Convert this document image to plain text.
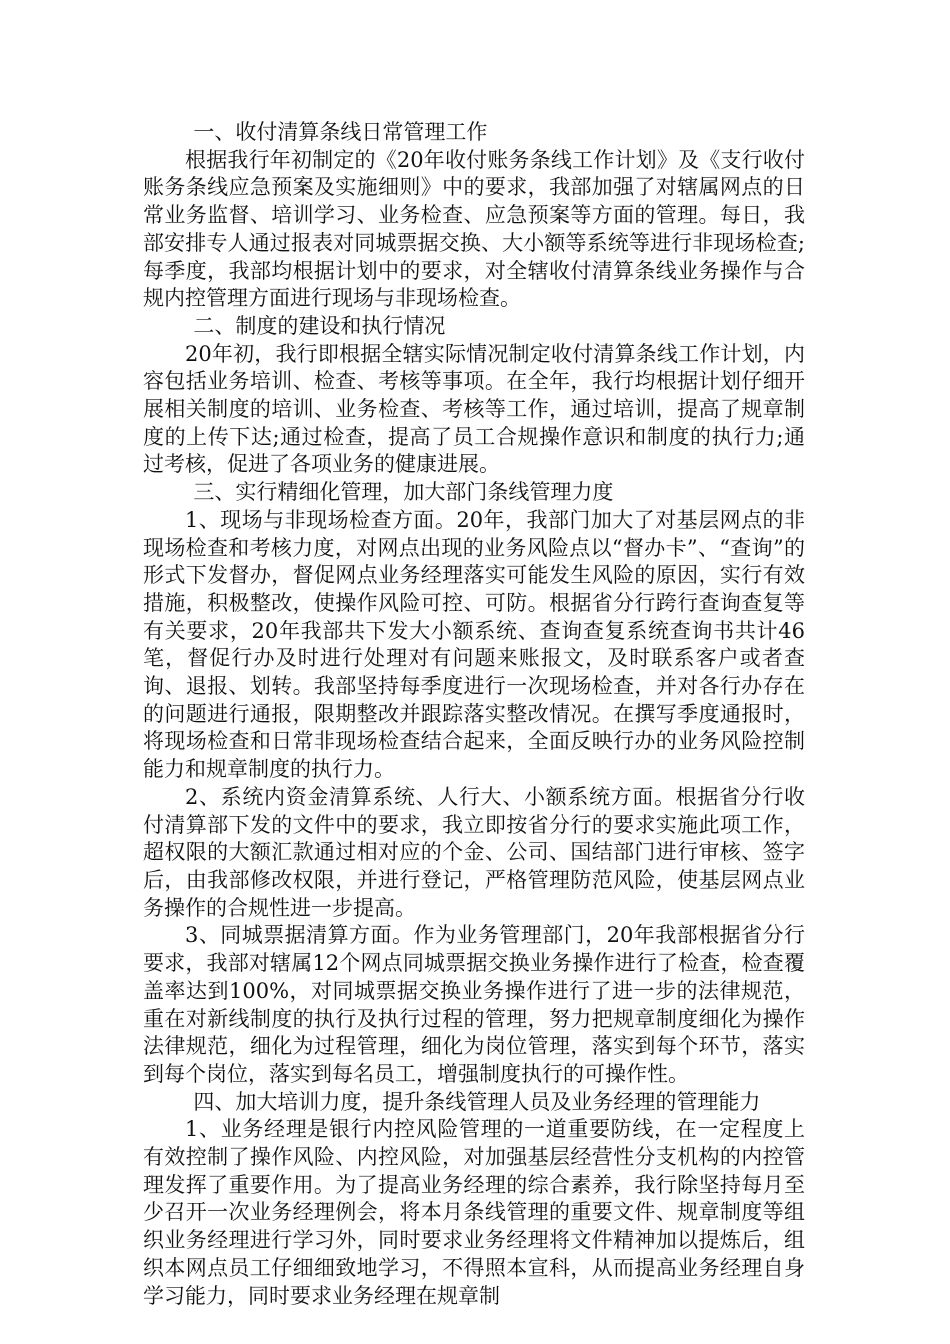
一、收付清算条线日常管理工作

根据我行年初制定的《20年收付账务条线工作计划》及《支行收付账务条线应急预案及实施细则》中的要求，我部加强了对辖属网点的日常业务监督、培训学习、业务检查、应急预案等方面的管理。每日，我部安排专人通过报表对同城票据交换、大小额等系统等进行非现场检查;每季度，我部均根据计划中的要求，对全辖收付清算条线业务操作与合规内控管理方面进行现场与非现场检查。

二、制度的建设和执行情况

20年初，我行即根据全辖实际情况制定收付清算条线工作计划，内容包括业务培训、检查、考核等事项。在全年，我行均根据计划仔细开展相关制度的培训、业务检查、考核等工作，通过培训，提高了规章制度的上传下达;通过检查，提高了员工合规操作意识和制度的执行力;通过考核，促进了各项业务的健康进展。

三、实行精细化管理，加大部门条线管理力度

1、现场与非现场检查方面。20年，我部门加大了对基层网点的非现场检查和考核力度，对网点出现的业务风险点以“督办卡”、“查询”的形式下发督办，督促网点业务经理落实可能发生风险的原因，实行有效措施，积极整改，使操作风险可控、可防。根据省分行跨行查询查复等有关要求，20年我部共下发大小额系统、查询查复系统查询书共计46笔，督促行办及时进行处理对有问题来账报文，及时联系客户或者查询、退报、划转。我部坚持每季度进行一次现场检查，并对各行办存在的问题进行通报，限期整改并跟踪落实整改情况。在撰写季度通报时，将现场检查和日常非现场检查结合起来，全面反映行办的业务风险控制能力和规章制度的执行力。

2、系统内资金清算系统、人行大、小额系统方面。根据省分行收付清算部下发的文件中的要求，我立即按省分行的要求实施此项工作，超权限的大额汇款通过相对应的个金、公司、国结部门进行审核、签字后，由我部修改权限，并进行登记，严格管理防范风险，使基层网点业务操作的合规性进一步提高。

3、同城票据清算方面。作为业务管理部门，20年我部根据省分行要求，我部对辖属12个网点同城票据交换业务操作进行了检查，检查覆盖率达到100%，对同城票据交换业务操作进行了进一步的法律规范，重在对新线制度的执行及执行过程的管理，努力把规章制度细化为操作法律规范，细化为过程管理，细化为岗位管理，落实到每个环节，落实到每个岗位，落实到每名员工，增强制度执行的可操作性。

四、加大培训力度，提升条线管理人员及业务经理的管理能力

1、业务经理是银行内控风险管理的一道重要防线，在一定程度上有效控制了操作风险、内控风险，对加强基层经营性分支机构的内控管理发挥了重要作用。为了提高业务经理的综合素养，我行除坚持每月至少召开一次业务经理例会，将本月条线管理的重要文件、规章制度等组织业务经理进行学习外，同时要求业务经理将文件精神加以提炼后，组织本网点员工仔细细致地学习，不得照本宣科，从而提高业务经理自身学习能力，同时要求业务经理在规章制
